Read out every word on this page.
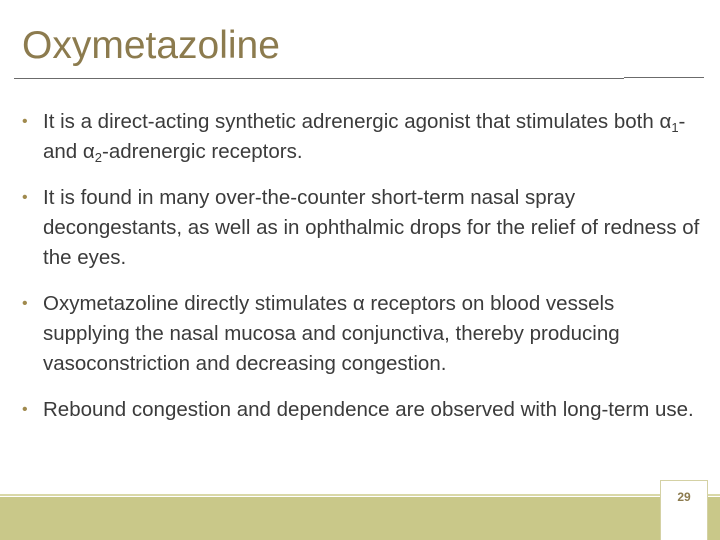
Oxymetazoline
• It is a direct-acting synthetic adrenergic agonist that stimulates both $\alpha_1-$ and $\alpha_2$-adrenergic receptors.
• It is found in many over-the-counter short-term nasal spray decongestants, as well as in ophthalmic drops for the relief of redness of the eyes.
• Oxymetazoline directly stimulates α receptors on blood vessels supplying the nasal mucosa and conjunctiva, thereby producing vasoconstriction and decreasing congestion.
• Rebound congestion and dependence are observed with long-term use.
29
